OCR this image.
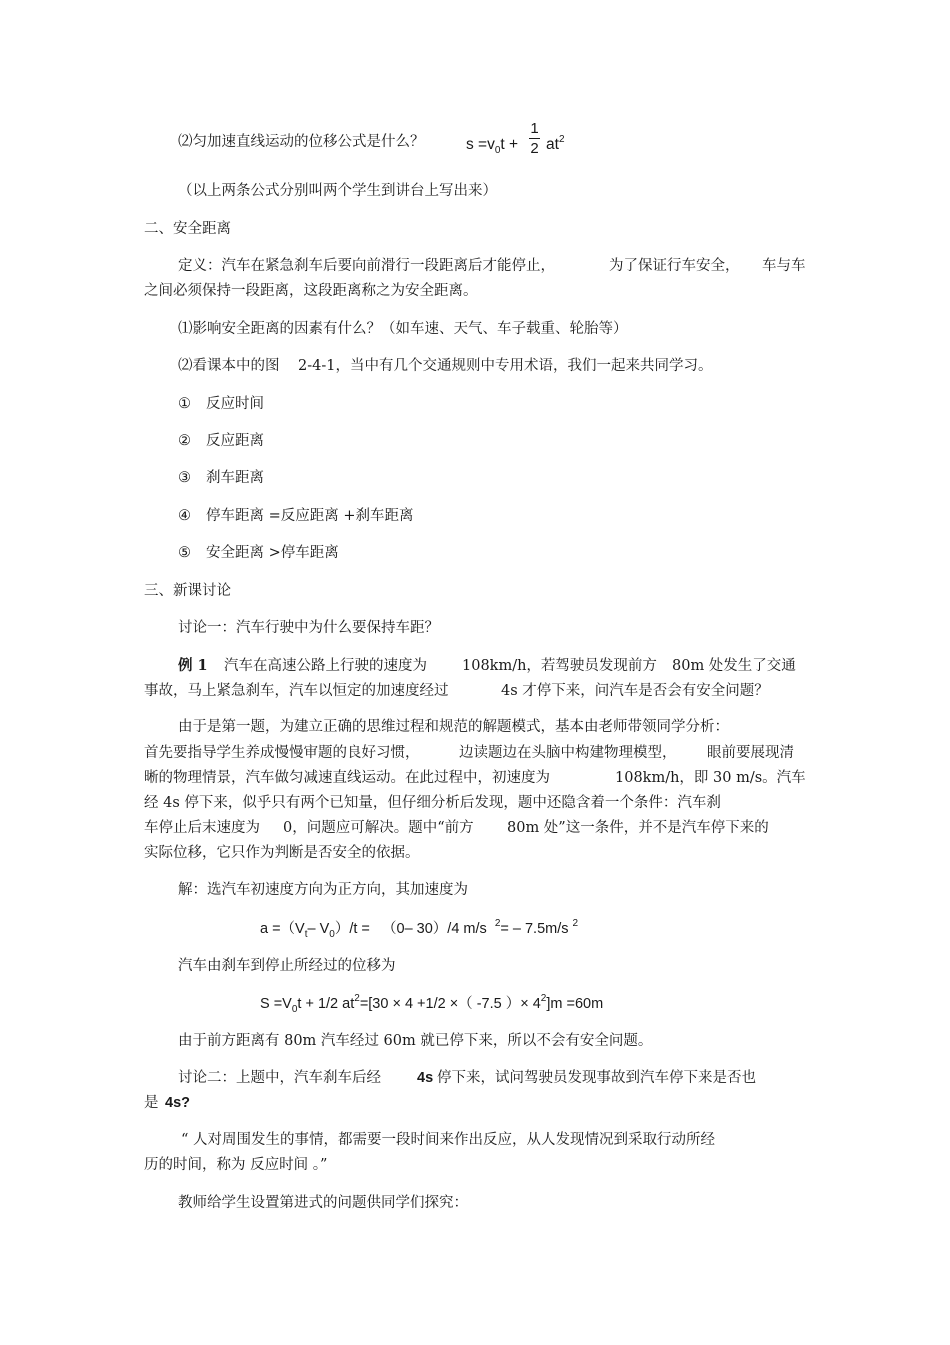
⑵匀加速直线运动的位移公式是什么？	$s =v_0t$ +
1
2 $at^2$
（以上两条公式分别叫两个学生到讲台上写出来）
二、安全距离
定义：汽车在紧急刹车后要向前滑行一段距离后才能停止，	为了保证行车安全， 车与车
之间必须保持一段距离，这段距离称之为安全距离。
⑴影响安全距离的因素有什么？（如车速、天气、车子载重、轮胎等）
⑵看课本中的图 2-4-1，当中有几个交通规则中专用术语，我们一起来共同学习。
① 反应时间
② 反应距离
③ 刹车距离
④ 停车距离 =反应距离 +刹车距离
⑤ 安全距离 >停车距离
三、新课讨论
讨论一：汽车行驶中为什么要保持车距？
例 1 汽车在高速公路上行驶的速度为 108km/h，若驾驶员发现前方 80m 处发生了交通
事故，马上紧急刹车，汽车以恒定的加速度经过	4s 才停下来，问汽车是否会有安全问题？
由于是第一题，为建立正确的思维过程和规范的解题模式，基本由老师带领同学分析：
首先要指导学生养成慢慢审题的良好习惯，	边读题边在头脑中构建物理模型， 眼前要展现清
晰的物理情景，汽车做匀减速直线运动。在此过程中，初速度为	108km/h，即 30 m/s。汽车
经 4s 停下来，似乎只有两个已知量，但仔细分析后发现，题中还隐含着一个条件：汽车刹
车停止后末速度为 0，问题应可解决。题中“前方 80m 处”这一条件，并不是汽车停下来的
实际位移，它只作为判断是否安全的依据。
解：选汽车初速度方向为正方向，其加速度为
$a =(V_t-$ $V_0)/t = (0-$ 30）/4 m/s $^2$= – 7.5m/s $^2$
汽车由刹车到停止所经过的位移为
$S =V_0t + 1/2$ $at^2=[30 \times 4 +1/2$ ×（ -7.5 ）× $4^2]m =60m$
由于前方距离有 80m 汽车经过 60m 就已停下来，所以不会有安全问题。
讨论二：上题中，汽车刹车后经 4s 停下来，试问驾驶员发现事故到汽车停下来是否也
是 4s?
“ 人对周围发生的事情，都需要一段时间来作出反应，从人发现情况到采取行动所经
历的时间，称为 反应时间 。”
教师给学生设置第进式的问题供同学们探究：
